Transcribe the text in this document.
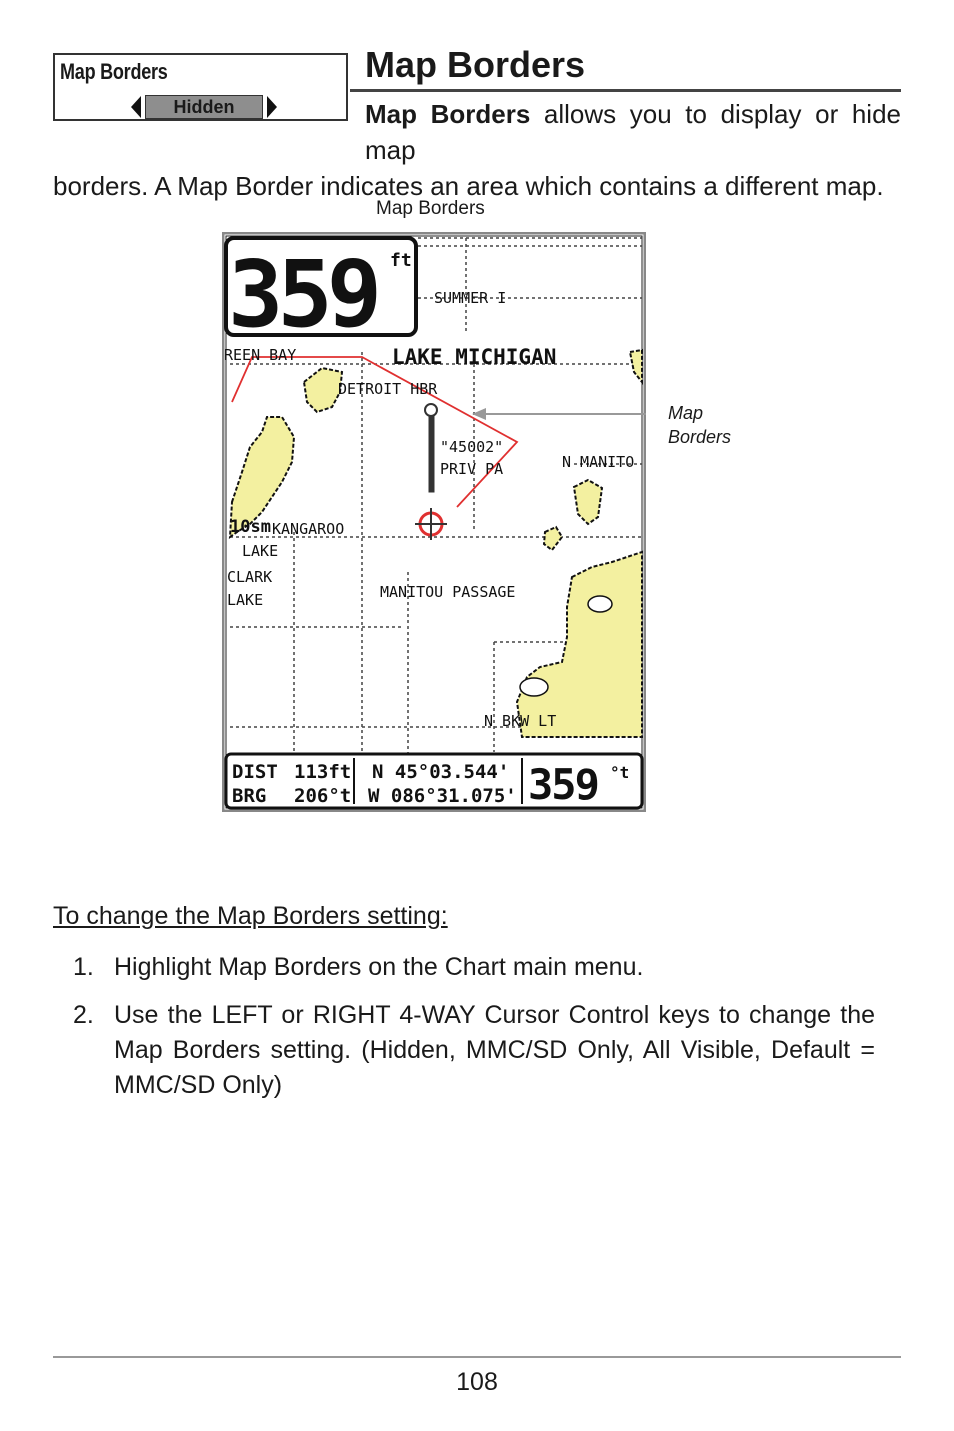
Map Borders
Hidden
Map Borders

Map Borders allows you to display or hide map
borders. A Map Border indicates an area which contains a different map.

Map Borders
SUMMER I
LAKE MICHIGAN
REEN BAY
DETROIT HBR
"45002"
PRIV PA	N MANITO
10sm KANGAROO
LAKE
CLARK
LAKE	MANITOU PASSAGE
N BKW LT
359 ft
DIST 113ft
BRG 206°t
N 45°03.544'
W 086°31.075' 359 °t
Map
Borders

To change the Map Borders setting:

1. Highlight Map Borders on the Chart main menu.
2. Use the LEFT or RIGHT 4-WAY Cursor Control keys to change the Map Borders setting. (Hidden, MMC/SD Only, All Visible, Default = MMC/SD Only)
108
